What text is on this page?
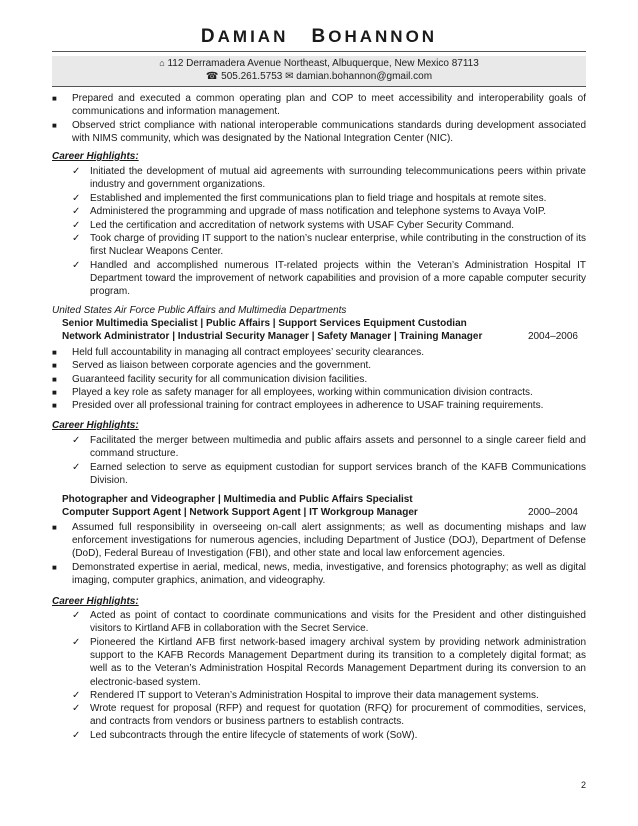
DAMIAN BOHANNON
⌂ 112 Derramadera Avenue Northeast, Albuquerque, New Mexico 87113
☎ 505.261.5753 ✉ damian.bohannon@gmail.com
■	Prepared and executed a common operating plan and COP to meet accessibility and interoperability goals of communications and information management.
■	Observed strict compliance with national interoperable communications standards during development associated with NIMS community, which was designated by the National Integration Center (NIC).
Career Highlights:
✓ Initiated the development of mutual aid agreements with surrounding telecommunications peers within private industry and government organizations.
✓ Established and implemented the first communications plan to field triage and hospitals at remote sites.
✓ Administered the programming and upgrade of mass notification and telephone systems to Avaya VoIP.
✓ Led the certification and accreditation of network systems with USAF Cyber Security Command.
✓ Took charge of providing IT support to the nation’s nuclear enterprise, while contributing in the construction of its first Nuclear Weapons Center.
✓ Handled and accomplished numerous IT-related projects within the Veteran’s Administration Hospital IT Department toward the improvement of network capabilities and provision of a more capable computer security program.
United States Air Force Public Affairs and Multimedia Departments
Senior Multimedia Specialist | Public Affairs | Support Services Equipment Custodian
Network Administrator | Industrial Security Manager | Safety Manager | Training Manager	2004–2006
■	Held full accountability in managing all contract employees’ security clearances.
■	Served as liaison between corporate agencies and the government.
■	Guaranteed facility security for all communication division facilities.
■	Played a key role as safety manager for all employees, working within communication division contracts.
■	Presided over all professional training for contract employees in adherence to USAF training requirements.
Career Highlights:
✓ Facilitated the merger between multimedia and public affairs assets and personnel to a single career field and command structure.
✓ Earned selection to serve as equipment custodian for support services branch of the KAFB Communications Division.
Photographer and Videographer | Multimedia and Public Affairs Specialist
Computer Support Agent | Network Support Agent | IT Workgroup Manager	2000–2004
■	Assumed full responsibility in overseeing on-call alert assignments; as well as documenting mishaps and law enforcement investigations for numerous agencies, including Department of Justice (DOJ), Department of Defense (DoD), Federal Bureau of Investigation (FBI), and other state and local law enforcement agencies.
■	Demonstrated expertise in aerial, medical, news, media, investigative, and forensics photography; as well as digital imaging, computer graphics, animation, and videography.
Career Highlights:
✓ Acted as point of contact to coordinate communications and visits for the President and other distinguished visitors to Kirtland AFB in collaboration with the Secret Service.
✓ Pioneered the Kirtland AFB first network-based imagery archival system by providing network administration support to the KAFB Records Management Department during its transition to a completely digital format; as well as to the Veteran’s Administration Hospital Records Management Department during its conversion to an electronic-based system.
✓ Rendered IT support to Veteran’s Administration Hospital to improve their data management systems.
✓ Wrote request for proposal (RFP) and request for quotation (RFQ) for procurement of commodities, services, and contracts from vendors or business partners to establish contracts.
✓ Led subcontracts through the entire lifecycle of statements of work (SoW).
2
